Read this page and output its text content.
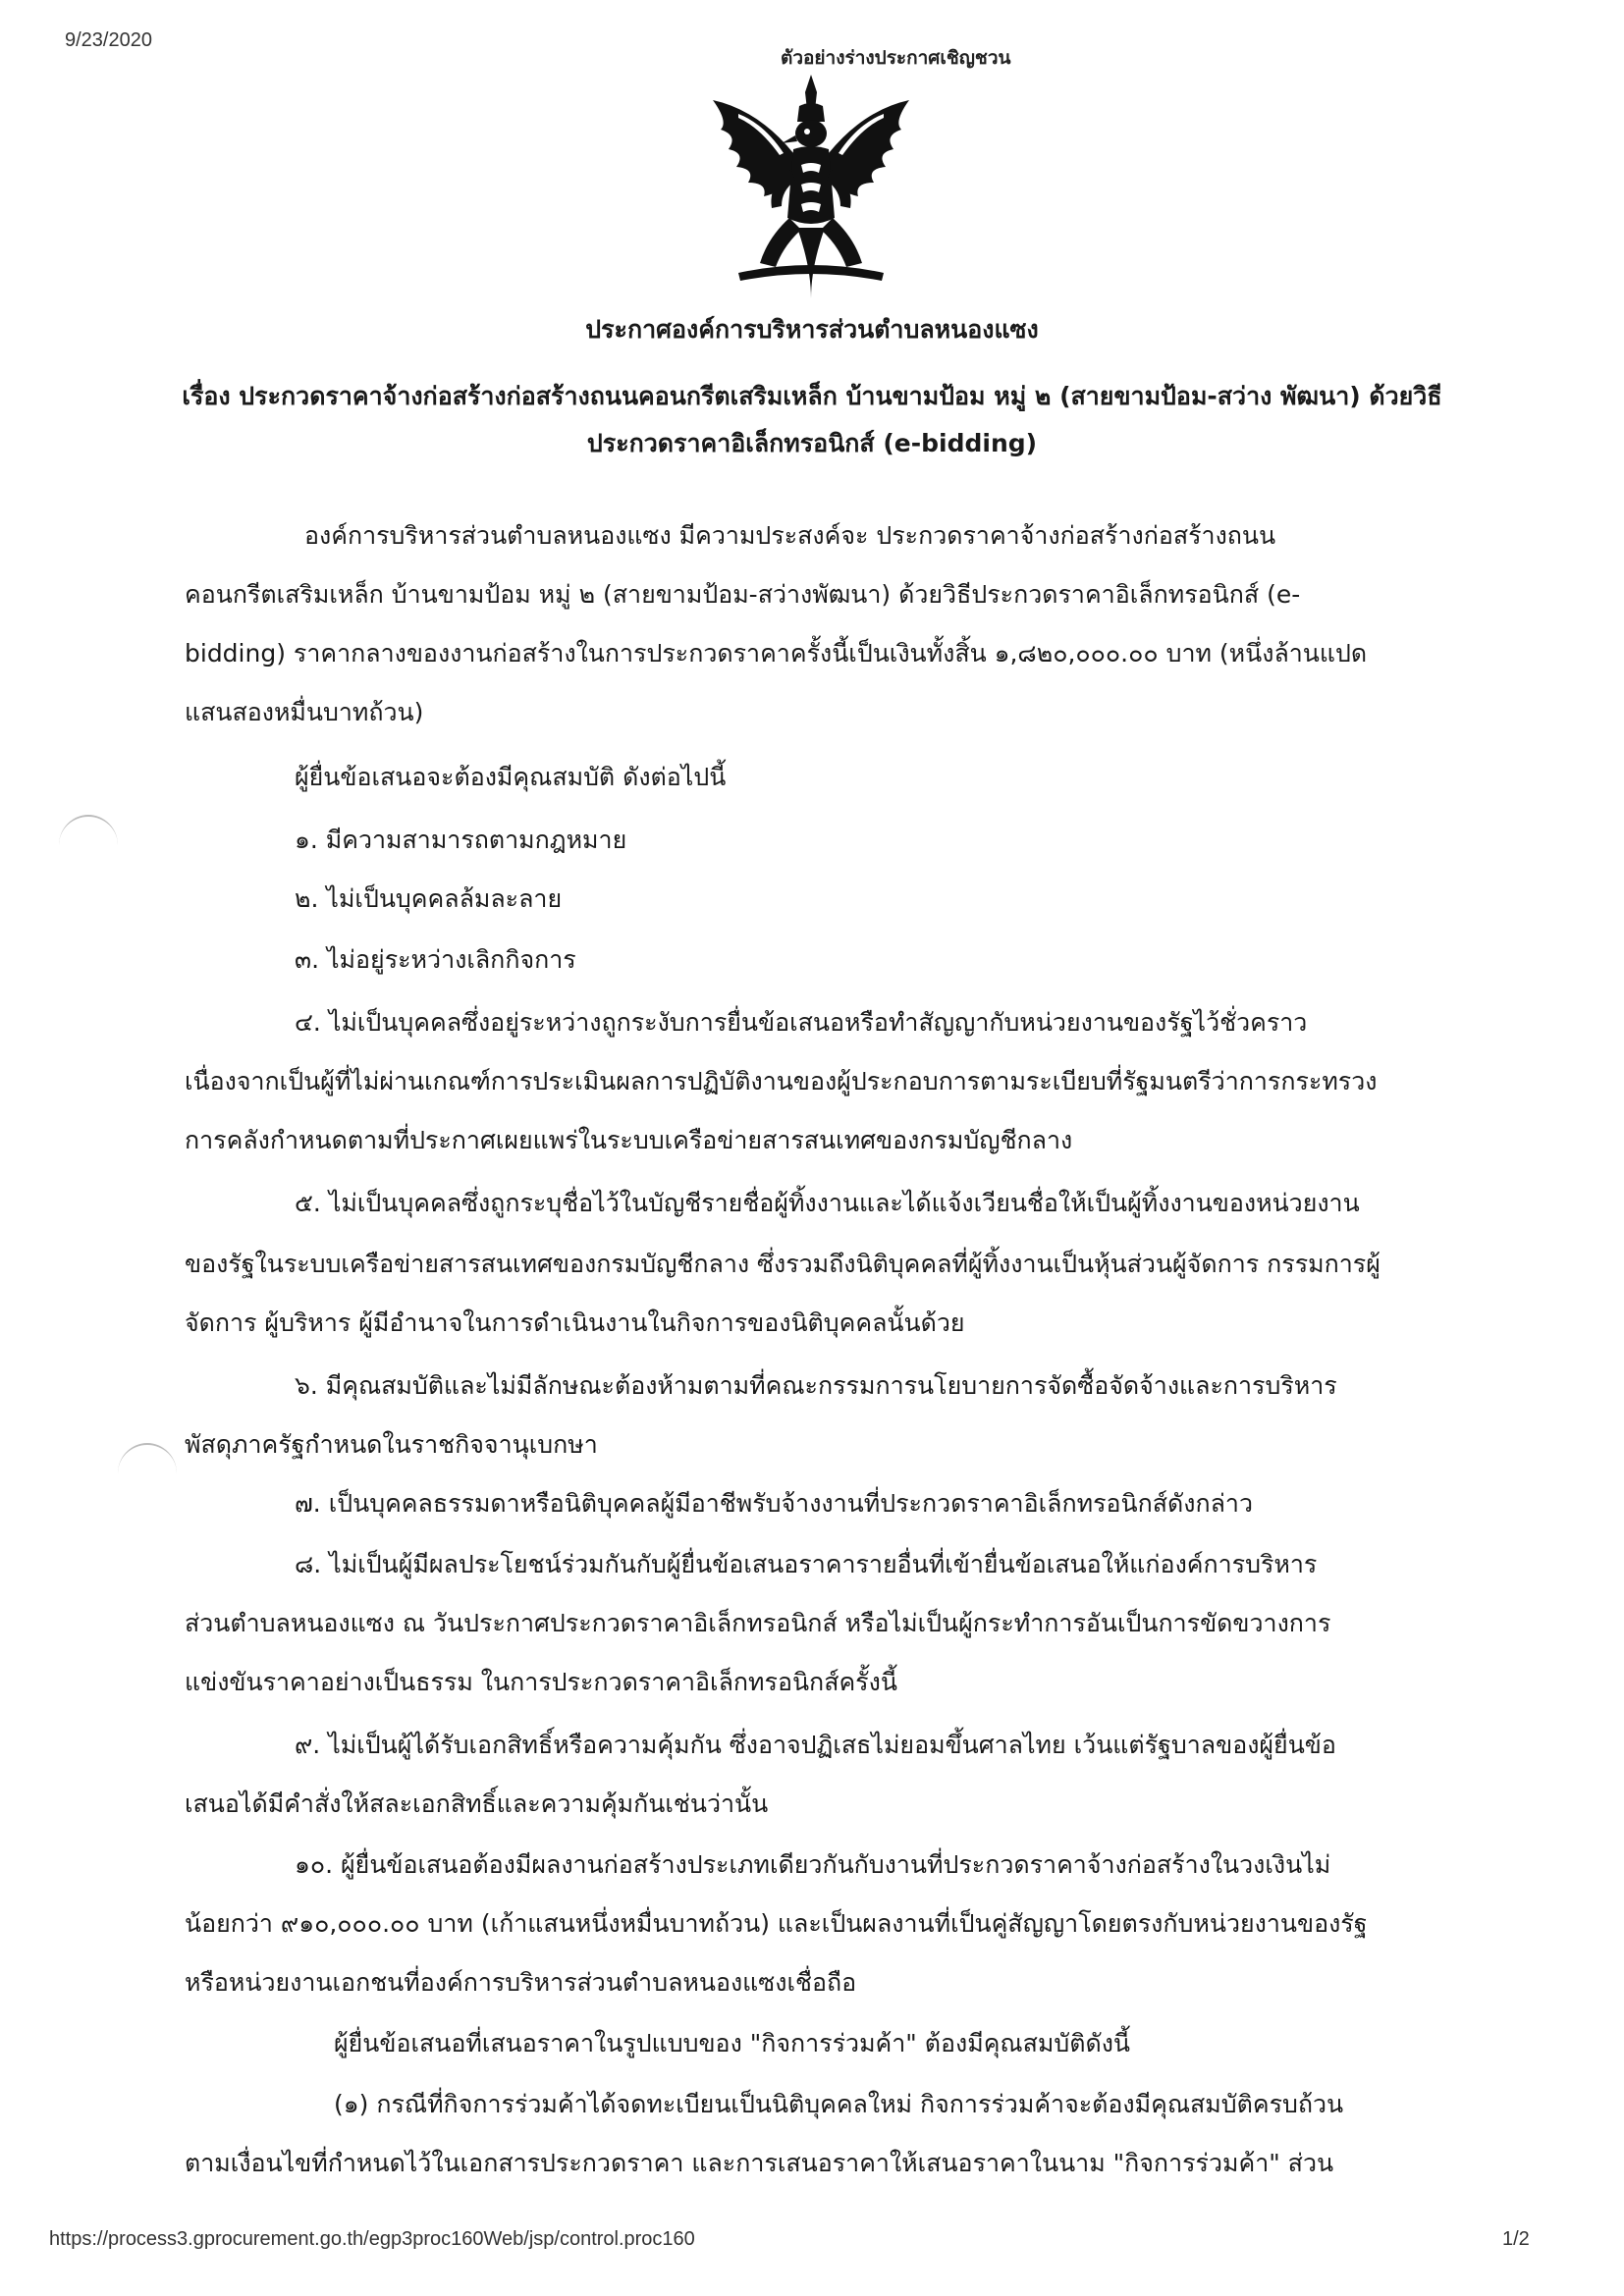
9/23/2020
ตัวอย่างร่างประกาศเชิญชวน
ประกาศองค์การบริหารส่วนตำบลหนองแซง
เรื่อง ประกวดราคาจ้างก่อสร้างก่อสร้างถนนคอนกรีตเสริมเหล็ก บ้านขามป้อม หมู่ ๒ (สายขามป้อม-สว่าง พัฒนา) ด้วยวิธีประกวดราคาอิเล็กทรอนิกส์ (e-bidding)
องค์การบริหารส่วนตำบลหนองแซง มีความประสงค์จะ ประกวดราคาจ้างก่อสร้างก่อสร้างถนน
คอนกรีตเสริมเหล็ก บ้านขามป้อม หมู่ ๒ (สายขามป้อม-สว่างพัฒนา) ด้วยวิธีประกวดราคาอิเล็กทรอนิกส์ (e-
bidding) ราคากลางของงานก่อสร้างในการประกวดราคาครั้งนี้เป็นเงินทั้งสิ้น ๑,๘๒๐,๐๐๐.๐๐ บาท (หนึ่งล้านแปด
แสนสองหมื่นบาทถ้วน)
ผู้ยื่นข้อเสนอจะต้องมีคุณสมบัติ ดังต่อไปนี้
๑. มีความสามารถตามกฎหมาย
๒. ไม่เป็นบุคคลล้มละลาย
๓. ไม่อยู่ระหว่างเลิกกิจการ
๔. ไม่เป็นบุคคลซึ่งอยู่ระหว่างถูกระงับการยื่นข้อเสนอหรือทำสัญญากับหน่วยงานของรัฐไว้ชั่วคราว
เนื่องจากเป็นผู้ที่ไม่ผ่านเกณฑ์การประเมินผลการปฏิบัติงานของผู้ประกอบการตามระเบียบที่รัฐมนตรีว่าการกระทรวง
การคลังกำหนดตามที่ประกาศเผยแพร่ในระบบเครือข่ายสารสนเทศของกรมบัญชีกลาง
๕. ไม่เป็นบุคคลซึ่งถูกระบุชื่อไว้ในบัญชีรายชื่อผู้ทิ้งงานและได้แจ้งเวียนชื่อให้เป็นผู้ทิ้งงานของหน่วยงาน
ของรัฐในระบบเครือข่ายสารสนเทศของกรมบัญชีกลาง ซึ่งรวมถึงนิติบุคคลที่ผู้ทิ้งงานเป็นหุ้นส่วนผู้จัดการ กรรมการผู้
จัดการ ผู้บริหาร ผู้มีอำนาจในการดำเนินงานในกิจการของนิติบุคคลนั้นด้วย
๖. มีคุณสมบัติและไม่มีลักษณะต้องห้ามตามที่คณะกรรมการนโยบายการจัดซื้อจัดจ้างและการบริหาร
พัสดุภาครัฐกำหนดในราชกิจจานุเบกษา
๗. เป็นบุคคลธรรมดาหรือนิติบุคคลผู้มีอาชีพรับจ้างงานที่ประกวดราคาอิเล็กทรอนิกส์ดังกล่าว
๘. ไม่เป็นผู้มีผลประโยชน์ร่วมกันกับผู้ยื่นข้อเสนอราคารายอื่นที่เข้ายื่นข้อเสนอให้แก่องค์การบริหาร
ส่วนตำบลหนองแซง ณ วันประกาศประกวดราคาอิเล็กทรอนิกส์ หรือไม่เป็นผู้กระทำการอันเป็นการขัดขวางการ
แข่งขันราคาอย่างเป็นธรรม ในการประกวดราคาอิเล็กทรอนิกส์ครั้งนี้
๙. ไม่เป็นผู้ได้รับเอกสิทธิ์หรือความคุ้มกัน ซึ่งอาจปฏิเสธไม่ยอมขึ้นศาลไทย เว้นแต่รัฐบาลของผู้ยื่นข้อ
เสนอได้มีคำสั่งให้สละเอกสิทธิ์และความคุ้มกันเช่นว่านั้น
๑๐. ผู้ยื่นข้อเสนอต้องมีผลงานก่อสร้างประเภทเดียวกันกับงานที่ประกวดราคาจ้างก่อสร้างในวงเงินไม่
น้อยกว่า ๙๑๐,๐๐๐.๐๐ บาท (เก้าแสนหนึ่งหมื่นบาทถ้วน) และเป็นผลงานที่เป็นคู่สัญญาโดยตรงกับหน่วยงานของรัฐ
หรือหน่วยงานเอกชนที่องค์การบริหารส่วนตำบลหนองแซงเชื่อถือ
ผู้ยื่นข้อเสนอที่เสนอราคาในรูปแบบของ "กิจการร่วมค้า" ต้องมีคุณสมบัติดังนี้
(๑) กรณีที่กิจการร่วมค้าได้จดทะเบียนเป็นนิติบุคคลใหม่ กิจการร่วมค้าจะต้องมีคุณสมบัติครบถ้วน
ตามเงื่อนไขที่กำหนดไว้ในเอกสารประกวดราคา และการเสนอราคาให้เสนอราคาในนาม "กิจการร่วมค้า" ส่วน
https://process3.gprocurement.go.th/egp3proc160Web/jsp/control.proc160	1/2
